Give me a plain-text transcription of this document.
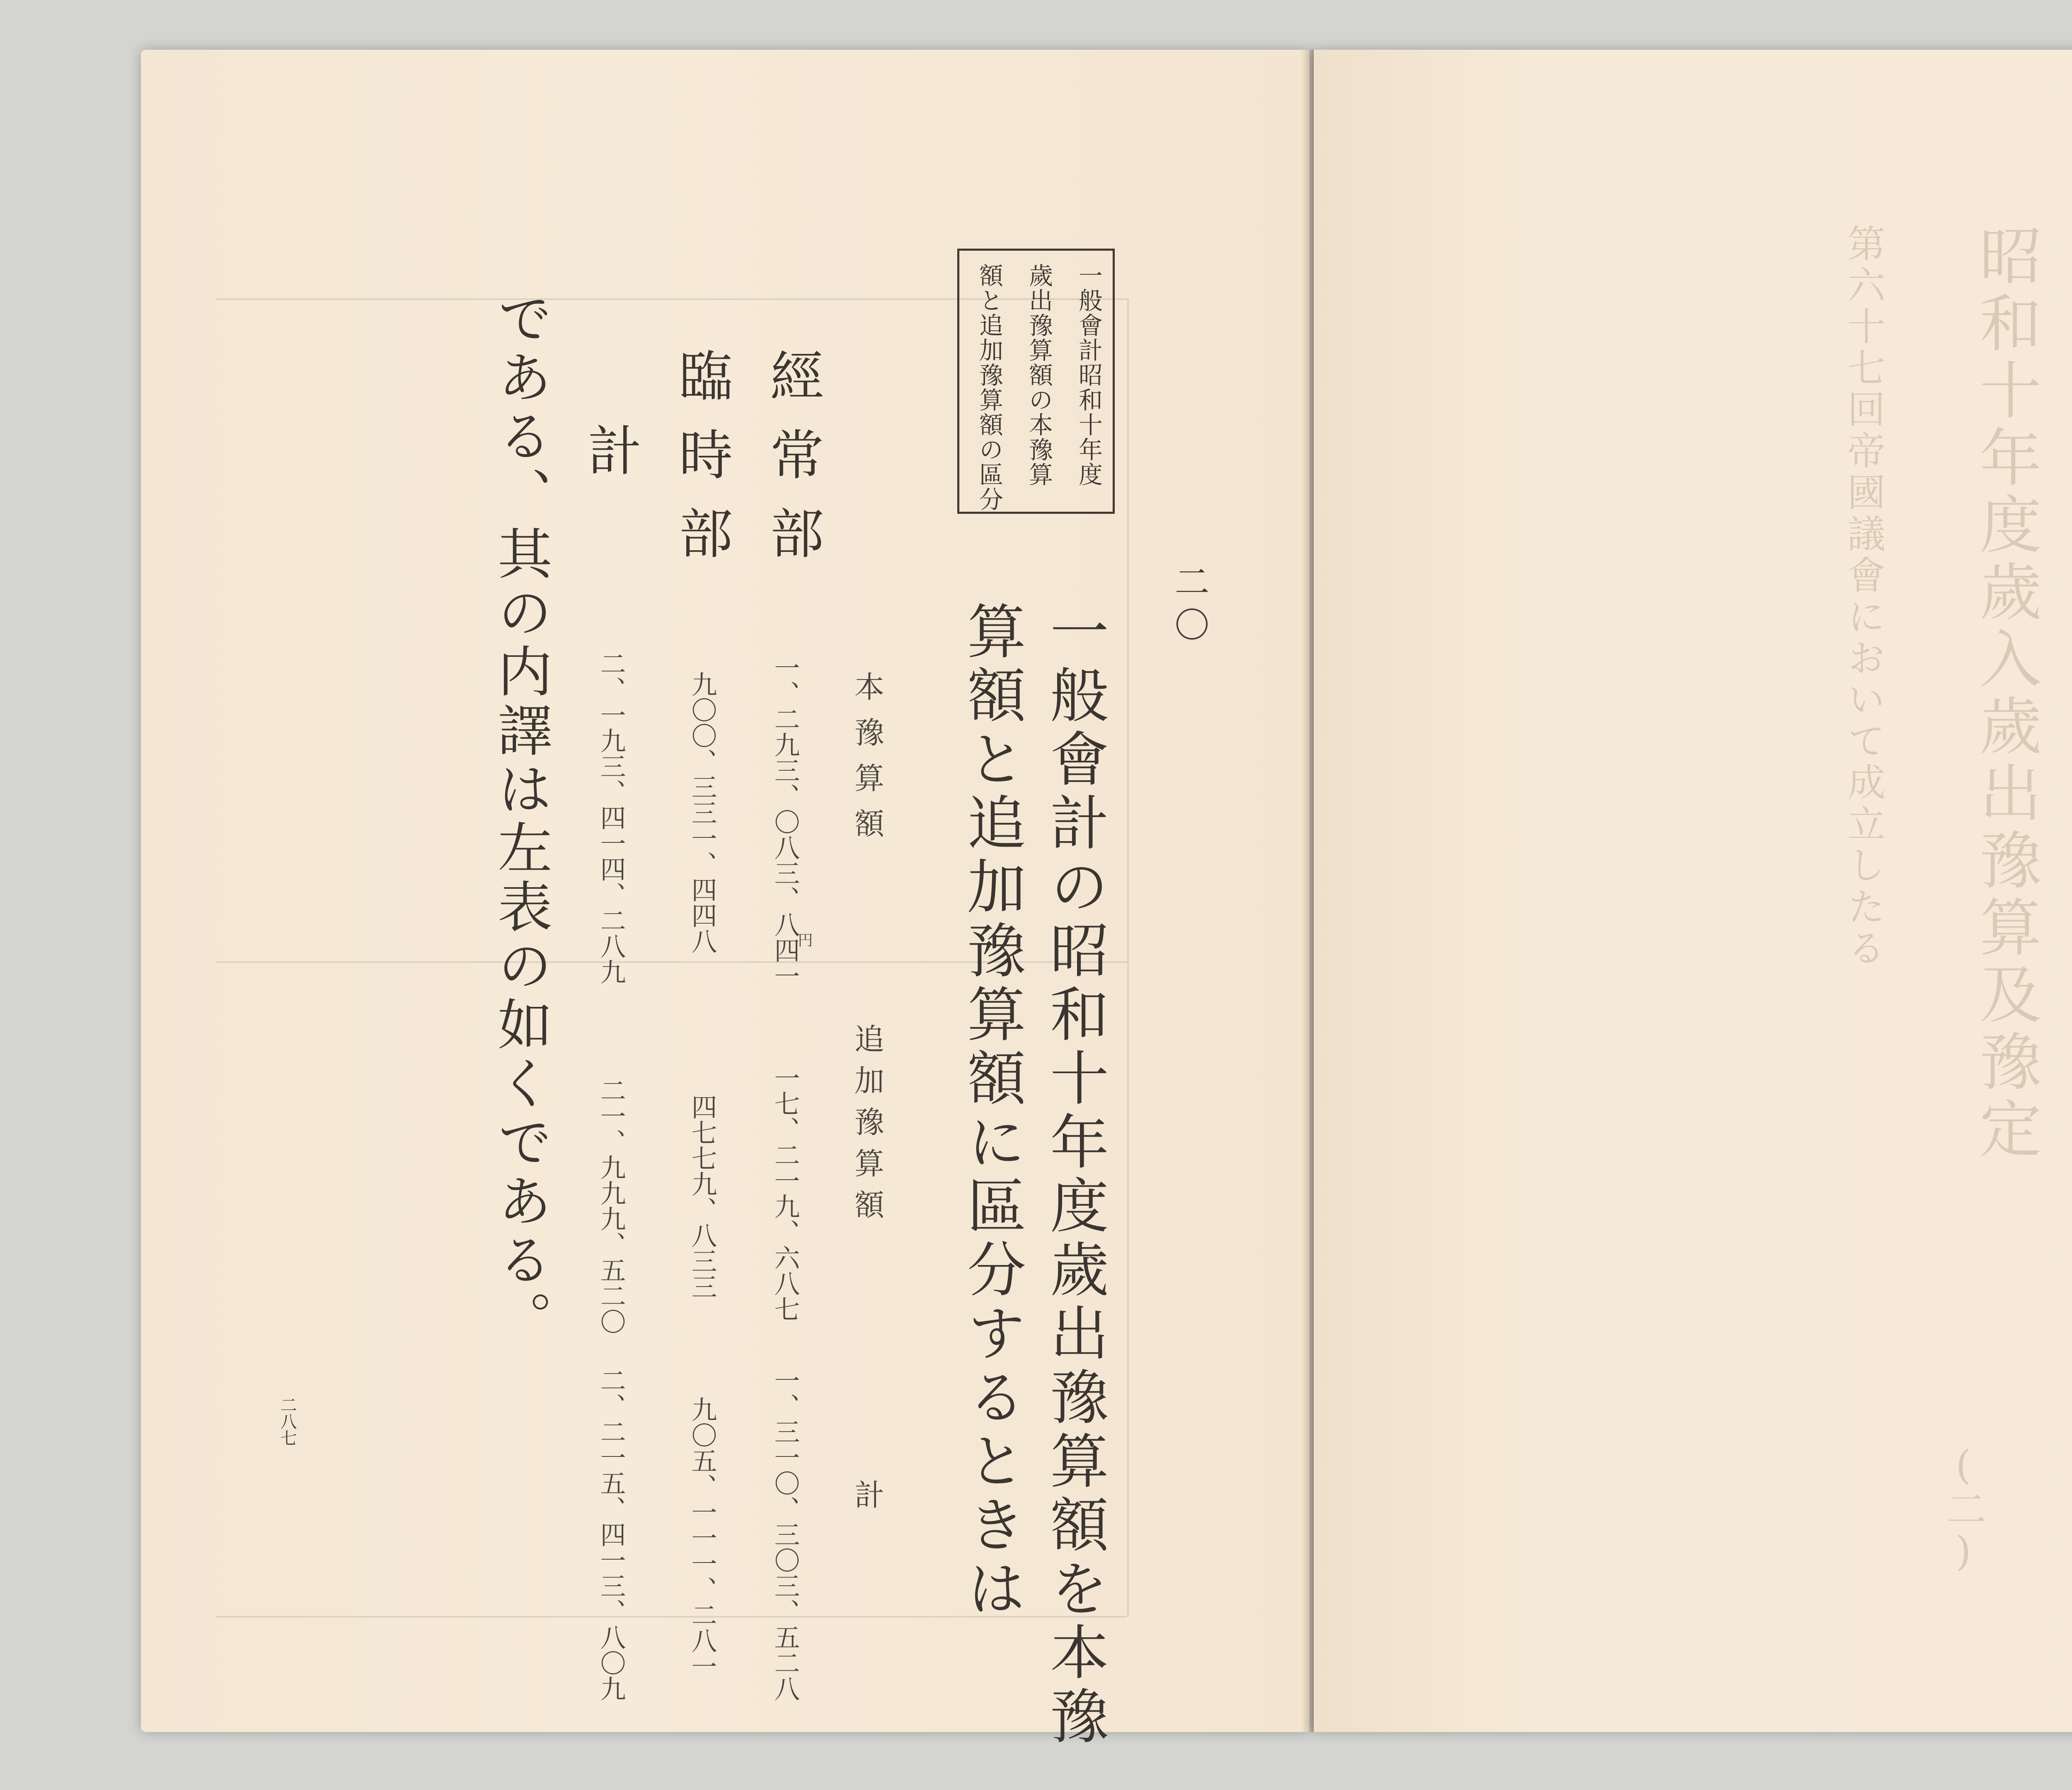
一般會計昭和十年度
歲出豫算額の本豫算
額と追加豫算額の區分
二〇
一般會計の昭和十年度歲出豫算額を本豫
算額と追加豫算額に區分するときは
本豫算額
追加豫算額
計
經常部
臨時部
計
一、二九三、〇八三、八四一
円
一七、二一九、六八七
一、三一〇、三〇三、五二八
九〇〇、三三一、四四八
四七七九、八三三
九〇五、一一一、二八一
二、一九三、四一四、二八九
二一、九九九、五二〇
二、二一五、四一三、八〇九
である、其の内譯は左表の如くである。
二八七
昭和十年度歲入歲出豫算及豫定
第六十七回帝國議會において成立したる
(二)
